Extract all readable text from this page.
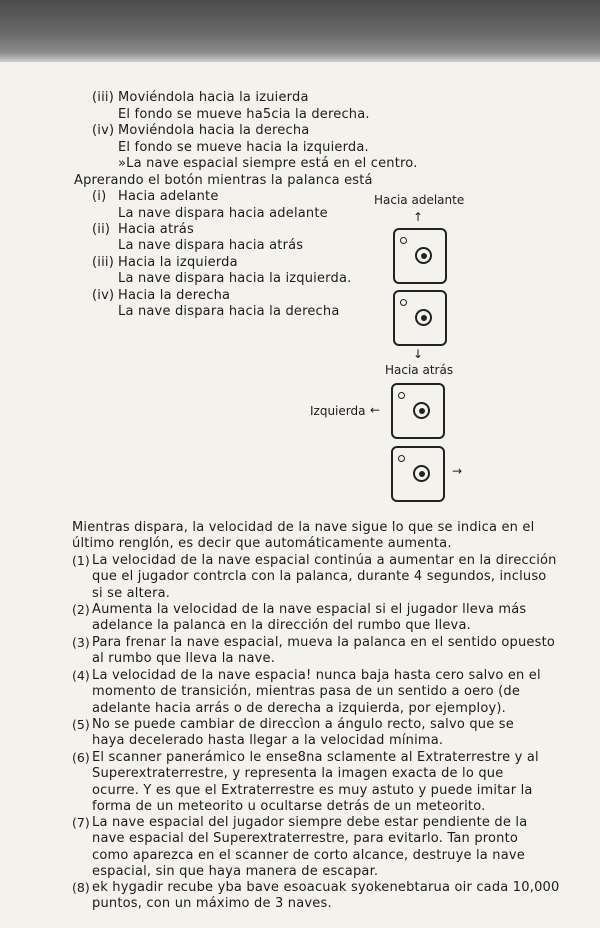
(iii) Moviéndola hacia la izuierda
El fondo se mueve ha5cia la derecha.
(iv) Moviéndola hacia la derecha
El fondo se mueve hacia la izquierda.
»La nave espacial siempre está en el centro.
Aprerando el botón mientras la palanca está
(i) Hacia adelante
La nave dispara hacia adelante
(ii) Hacia atrás
La nave dispara hacia atrás
(iii) Hacia la izquierda
La nave dispara hacia la izquierda.
(iv) Hacia la derecha
La nave dispara hacia la derecha
Hacia adelante
↑
↓
Hacia atrás
Izquierda ←
→
Mientras dispara, la velocidad de la nave sigue lo que se indica en el
último renglón, es decir que automáticamente aumenta.
(1) La velocidad de la nave espacial continúa a aumentar en la dirección
que el jugador contrcla con la palanca, durante 4 segundos, incluso
si se altera.
(2) Aumenta la velocidad de la nave espacial si el jugador lleva más
adelance la palanca en la dirección del rumbo que lleva.
(3) Para frenar la nave espacial, mueva la palanca en el sentido opuesto
al rumbo que lleva la nave.
(4) La velocidad de la nave espacia! nunca baja hasta cero salvo en el
momento de transición, mientras pasa de un sentido a oero (de
adelante hacia arrás o de derecha a izquierda, por ejemploy).
(5) No se puede cambiar de direccìon a ángulo recto, salvo que se
haya decelerado hasta llegar a la velocidad mínima.
(6) El scanner panerámico le ense8na sclamente al Extraterrestre y al
Superextraterrestre, y representa la imagen exacta de lo que
ocurre. Y es que el Extraterrestre es muy astuto y puede imitar la
forma de un meteorito u ocultarse detrás de un meteorito.
(7) La nave espacial del jugador siempre debe estar pendiente de la
nave espacial del Superextraterrestre, para evitarlo. Tan pronto
como aparezca en el scanner de corto alcance, destruye la nave
espacial, sin que haya manera de escapar.
(8) ek hygadir recube yba bave esoacuak syokenebtarua oir cada 10,000
puntos, con un máximo de 3 naves.
